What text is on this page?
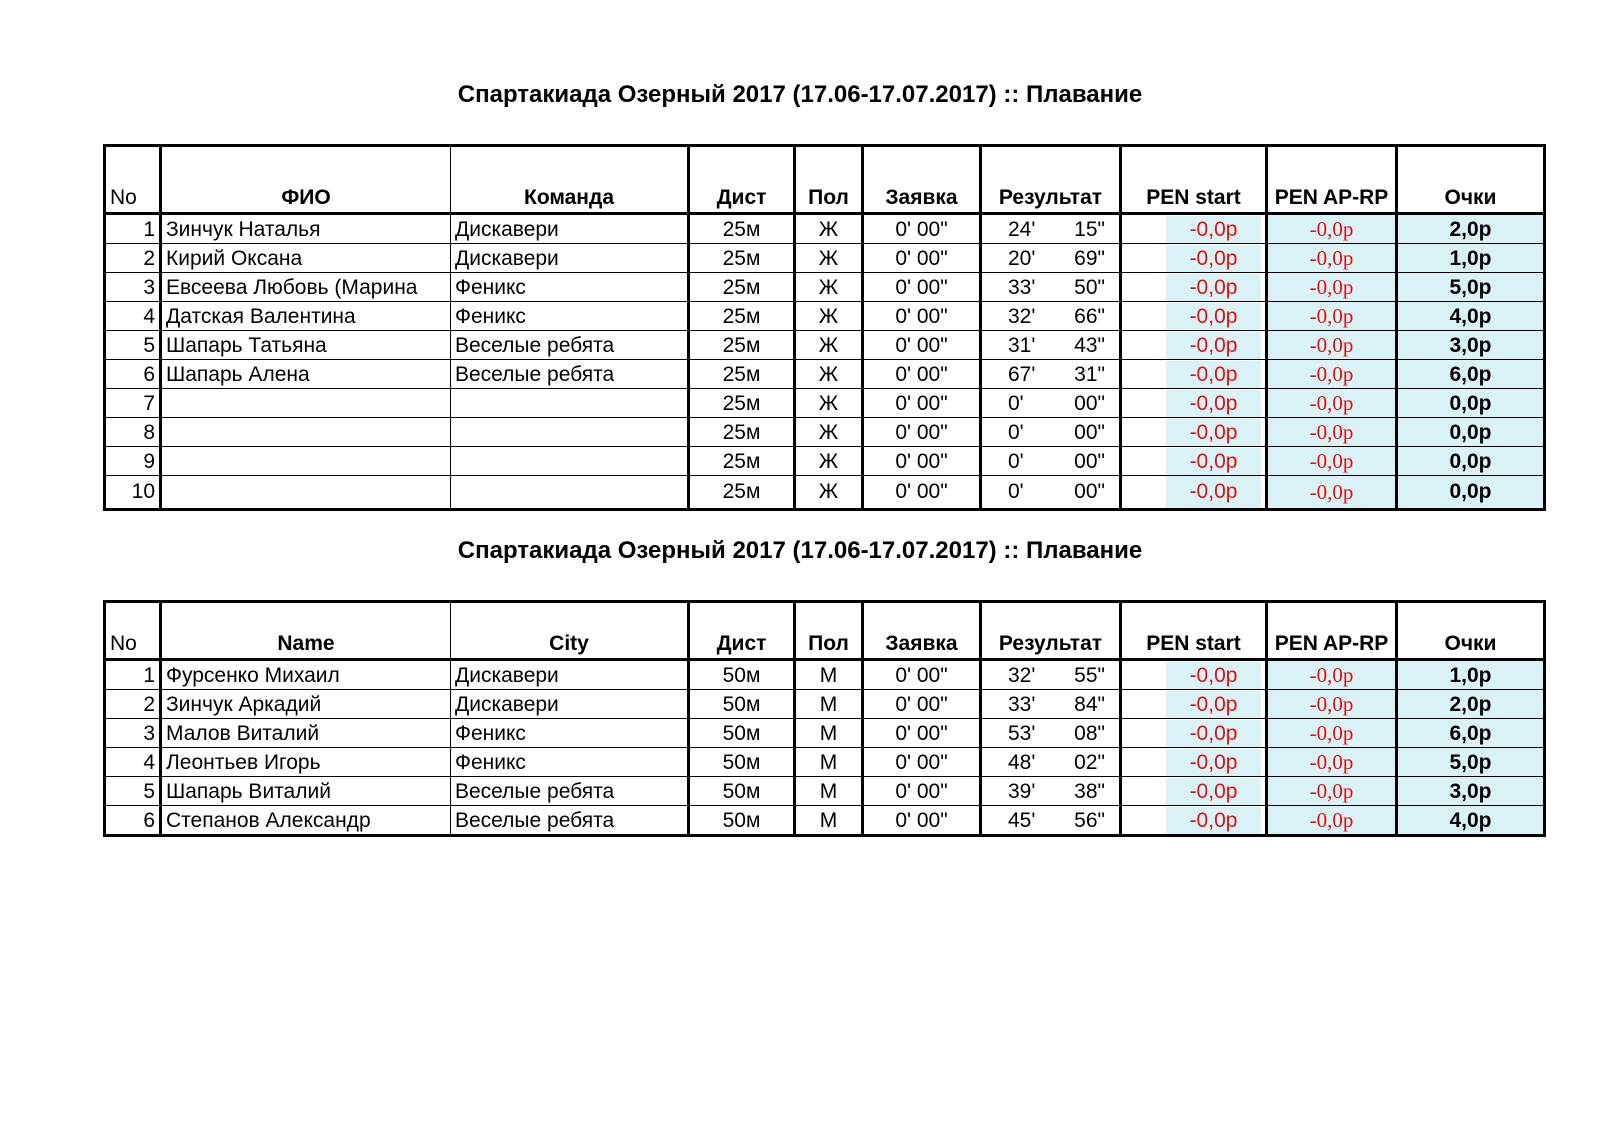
Спартакиада Озерный 2017 (17.06-17.07.2017) :: Плавание
No	ФИО	Команда	Дист	Пол	Заявка	Результат	PEN start	PEN AP-RP	Очки
1	Зинчук Наталья	Дискавери	25м	Ж	0' 00"	24' 15"	-0,0р	-0,0р	2,0р
2	Кирий Оксана	Дискавери	25м	Ж	0' 00"	20' 69"	-0,0р	-0,0р	1,0р
3	Евсеева Любовь (Марина	Феникс	25м	Ж	0' 00"	33' 50"	-0,0р	-0,0р	5,0р
4	Датская Валентина	Феникс	25м	Ж	0' 00"	32' 66"	-0,0р	-0,0р	4,0р
5	Шапарь Татьяна	Веселые ребята	25м	Ж	0' 00"	31' 43"	-0,0р	-0,0р	3,0р
6	Шапарь Алена	Веселые ребята	25м	Ж	0' 00"	67' 31"	-0,0р	-0,0р	6,0р
7			25м	Ж	0' 00"	0' 00"	-0,0р	-0,0р	0,0р
8			25м	Ж	0' 00"	0' 00"	-0,0р	-0,0р	0,0р
9			25м	Ж	0' 00"	0' 00"	-0,0р	-0,0р	0,0р
10			25м	Ж	0' 00"	0' 00"	-0,0р	-0,0р	0,0р
Спартакиада Озерный 2017 (17.06-17.07.2017) :: Плавание
No	Name	City	Дист	Пол	Заявка	Результат	PEN start	PEN AP-RP	Очки
1	Фурсенко Михаил	Дискавери	50м	М	0' 00"	32' 55"	-0,0р	-0,0р	1,0р
2	Зинчук Аркадий	Дискавери	50м	М	0' 00"	33' 84"	-0,0р	-0,0р	2,0р
3	Малов Виталий	Феникс	50м	М	0' 00"	53' 08"	-0,0р	-0,0р	6,0р
4	Леонтьев Игорь	Феникс	50м	М	0' 00"	48' 02"	-0,0р	-0,0р	5,0р
5	Шапарь Виталий	Веселые ребята	50м	М	0' 00"	39' 38"	-0,0р	-0,0р	3,0р
6	Степанов Александр	Веселые ребята	50м	М	0' 00"	45' 56"	-0,0р	-0,0р	4,0р
